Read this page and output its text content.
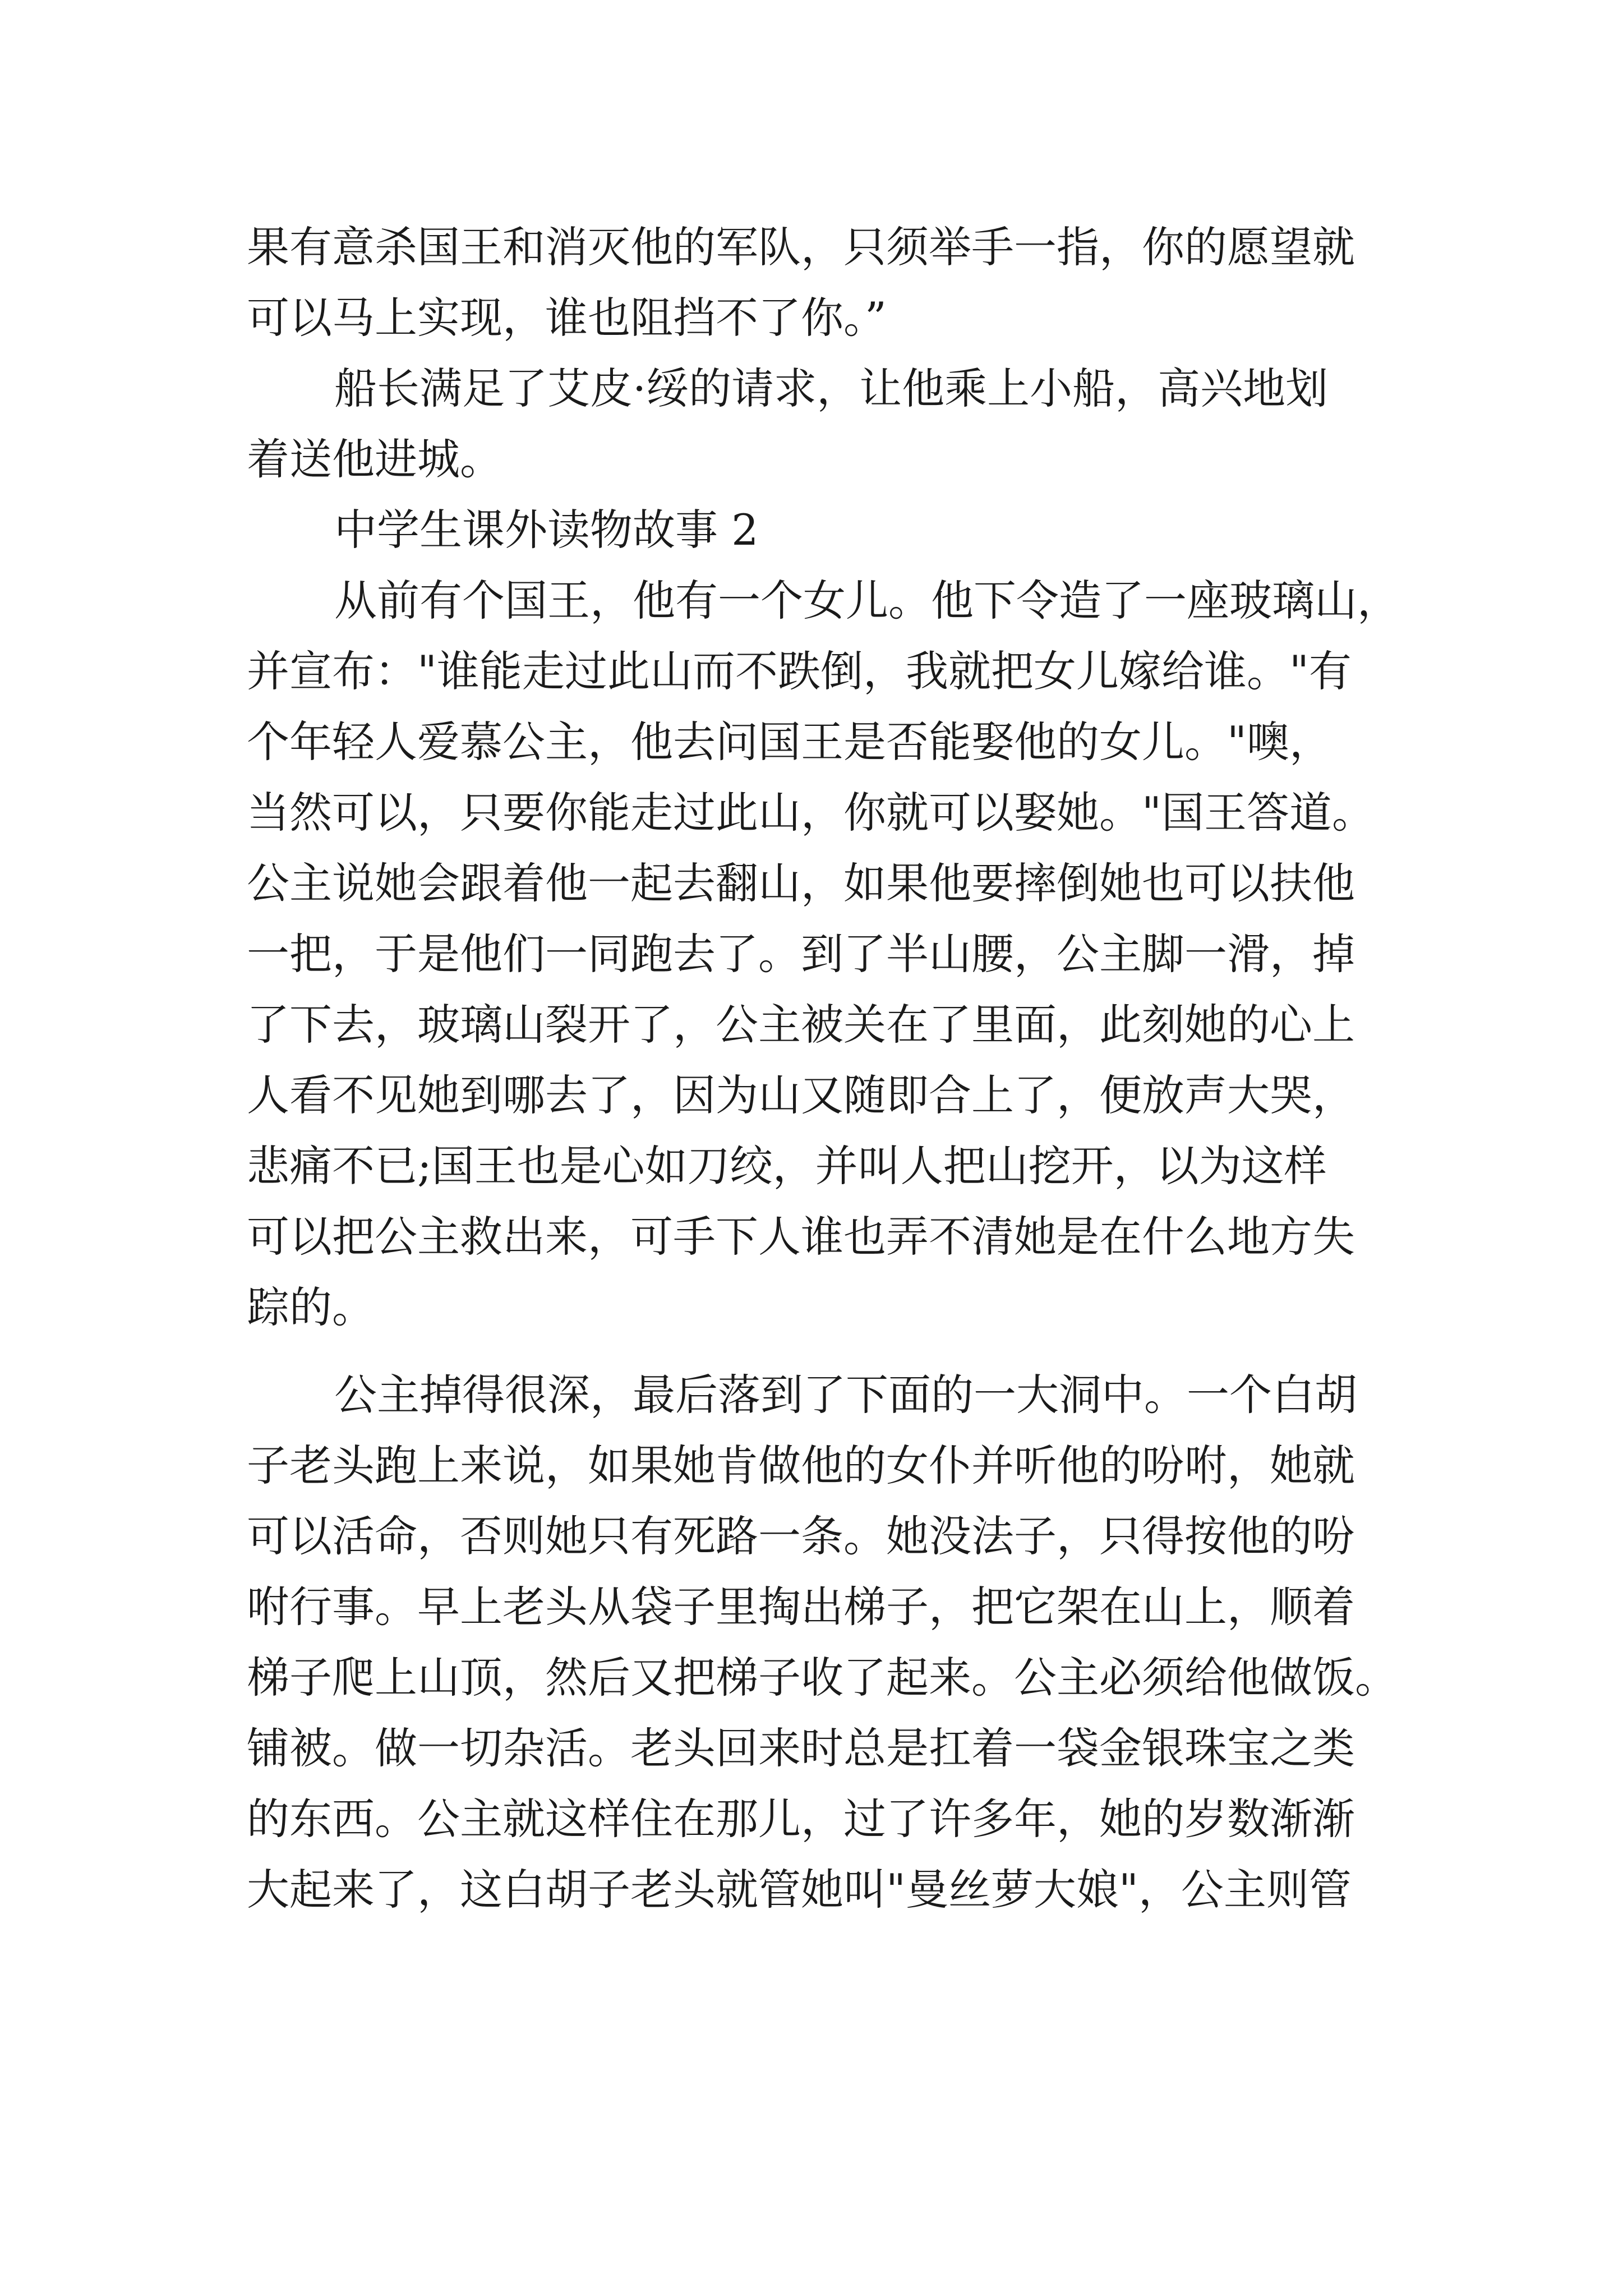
果有意杀国王和消灭他的军队，只须举手一指，你的愿望就
可以马上实现，谁也阻挡不了你。”
船长满足了艾皮·绥的请求，让他乘上小船，高兴地划
着送他进城。
中学生课外读物故事 2
从前有个国王，他有一个女儿。他下令造了一座玻璃山，
并宣布："谁能走过此山而不跌倒，我就把女儿嫁给谁。"有
个年轻人爱慕公主，他去问国王是否能娶他的女儿。"噢，
当然可以，只要你能走过此山，你就可以娶她。"国王答道。
公主说她会跟着他一起去翻山，如果他要摔倒她也可以扶他
一把，于是他们一同跑去了。到了半山腰，公主脚一滑，掉
了下去，玻璃山裂开了，公主被关在了里面，此刻她的心上
人看不见她到哪去了，因为山又随即合上了，便放声大哭，
悲痛不已;国王也是心如刀绞，并叫人把山挖开，以为这样
可以把公主救出来，可手下人谁也弄不清她是在什么地方失
踪的。
公主掉得很深，最后落到了下面的一大洞中。一个白胡
子老头跑上来说，如果她肯做他的女仆并听他的吩咐，她就
可以活命，否则她只有死路一条。她没法子，只得按他的吩
咐行事。早上老头从袋子里掏出梯子，把它架在山上，顺着
梯子爬上山顶，然后又把梯子收了起来。公主必须给他做饭。
铺被。做一切杂活。老头回来时总是扛着一袋金银珠宝之类
的东西。公主就这样住在那儿，过了许多年，她的岁数渐渐
大起来了，这白胡子老头就管她叫"曼丝萝大娘"，公主则管
